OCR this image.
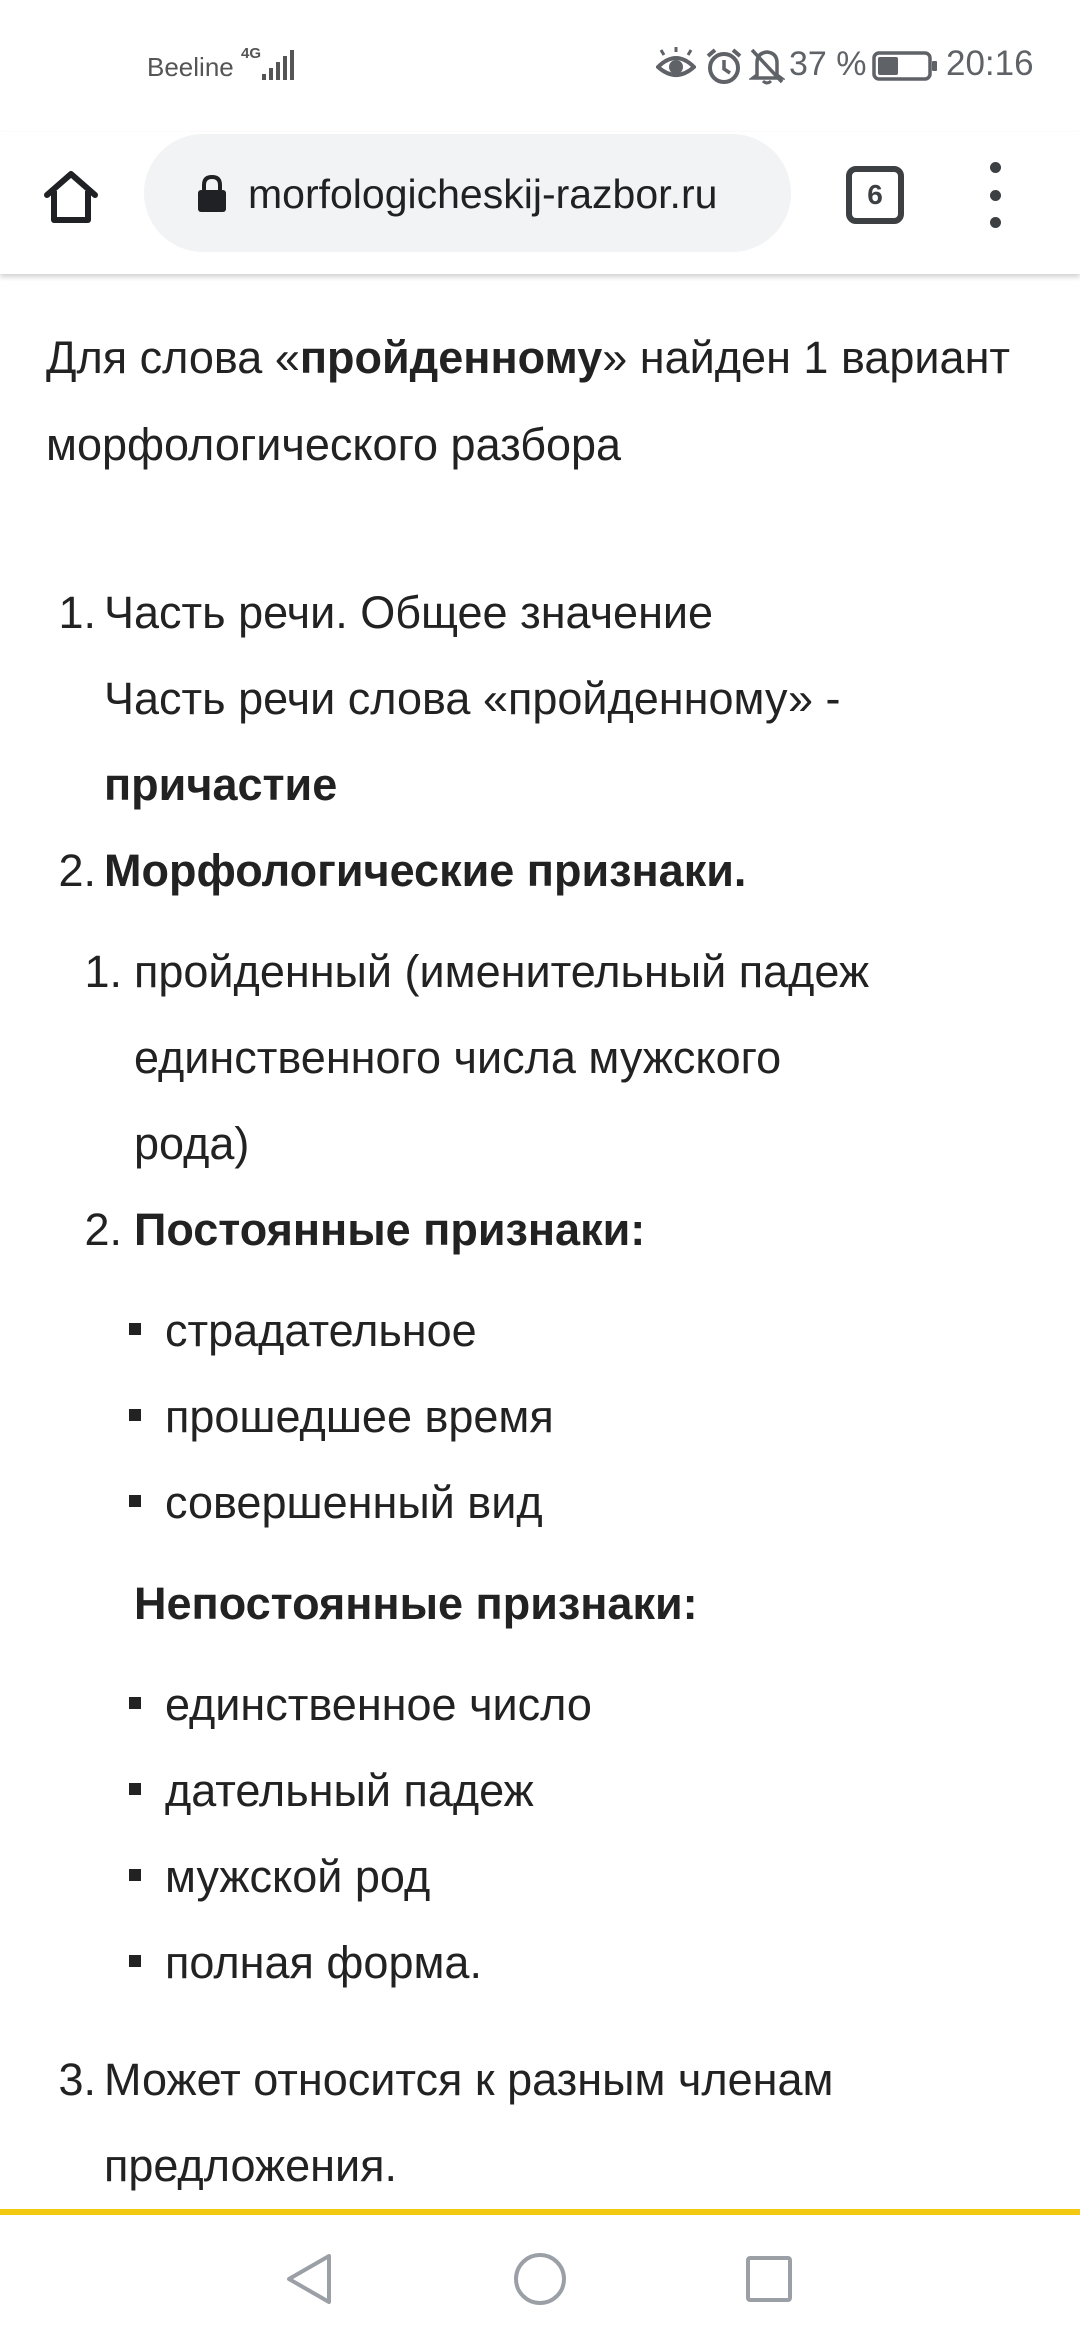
Beeline 4G	37 % 20:16
morfologicheskij-razbor.ru	6

Для слова «пройденному» найден 1 вариант морфологического разбора

1. Часть речи. Общее значение
Часть речи слова «пройденному» -
причастие
2. Морфологические признаки.
1. пройденный (именительный падеж
единственного числа мужского
рода)
2. Постоянные признаки:
страдательное
прошедшее время
совершенный вид
Непостоянные признаки:
единственное число
дательный падеж
мужской род
полная форма.
3. Может относится к разным членам
предложения.
